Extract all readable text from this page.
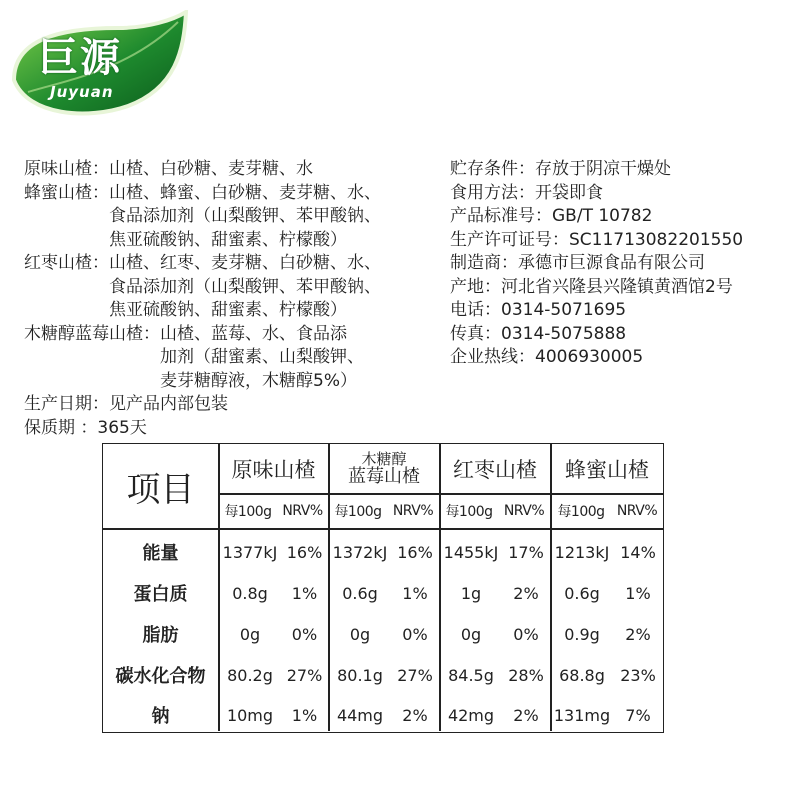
巨源
Juyuan
原味山楂： 山楂、白砂糖、麦芽糖、水
蜂蜜山楂： 山楂、蜂蜜、白砂糖、麦芽糖、水、
食品添加剂（山梨酸钾、苯甲酸钠、
焦亚硫酸钠、甜蜜素、柠檬酸）
红枣山楂： 山楂、红枣、麦芽糖、白砂糖、水、
食品添加剂（山梨酸钾、苯甲酸钠、
焦亚硫酸钠、甜蜜素、柠檬酸）
木糖醇蓝莓山楂： 山楂、蓝莓、水、食品添
加剂（甜蜜素、山梨酸钾、
麦芽糖醇液，木糖醇5%）
生产日期：见产品内部包装
保质期 ：365天
贮存条件：存放于阴凉干燥处
食用方法：开袋即食
产品标准号：GB/T 10782
生产许可证号：SC11713082201550
制造商：承德市巨源食品有限公司
产地：河北省兴隆县兴隆镇黄酒馆2号
电话：0314-5071695
传真：0314-5075888
企业热线：4006930005
项目	原味山楂	木糖醇
蓝莓山楂	红枣山楂	蜂蜜山楂
每100g NRV% 每100g NRV% 每100g NRV% 每100g NRV%
能量	1377kJ 16% 1372kJ 16% 1455kJ 17% 1213kJ 14%
蛋白质	0.8g	1%	0.6g	1%	1g	2%	0.6g	1%
脂肪	0g	0%	0g	0%	0g	0%	0.9g	2%
碳水化合物	80.2g 27% 80.1g 27% 84.5g 28% 68.8g 23%
钠	10mg	1%	44mg	2%	42mg	2% 131mg 7%
